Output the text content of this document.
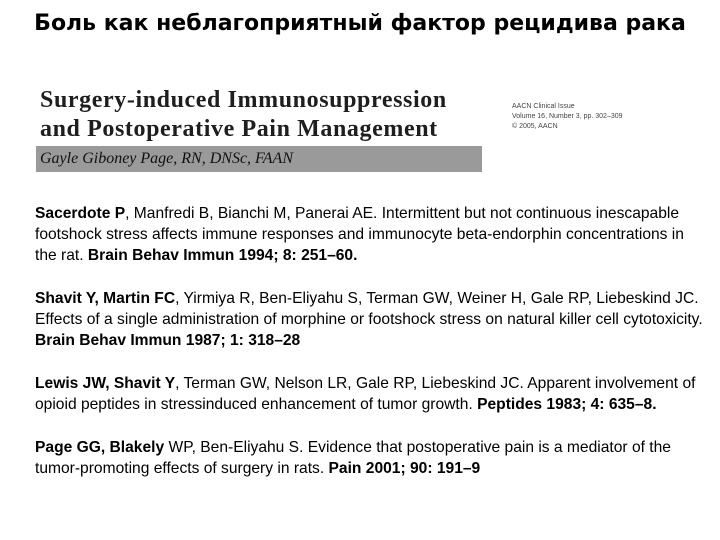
Боль как неблагоприятный фактор рецидива рака
Surgery-induced Immunosuppression
and Postoperative Pain Management
Gayle Giboney Page, RN, DNSc, FAAN
AACN Clinical Issue
Volume 16, Number 3, pp. 302–309
© 2005, AACN

Sacerdote P, Manfredi B, Bianchi M, Panerai AE. Intermittent but not continuous inescapable footshock stress affects immune responses and immunocyte beta-endorphin concentrations in the rat. Brain Behav Immun 1994; 8: 251–60.

Shavit Y, Martin FC, Yirmiya R, Ben-Eliyahu S, Terman GW, Weiner H, Gale RP, Liebeskind JC. Effects of a single administration of morphine or footshock stress on natural killer cell cytotoxicity. Brain Behav Immun 1987; 1: 318–28

Lewis JW, Shavit Y, Terman GW, Nelson LR, Gale RP, Liebeskind JC. Apparent involvement of opioid peptides in stressinduced enhancement of tumor growth. Peptides 1983; 4: 635–8.

Page GG, Blakely WP, Ben-Eliyahu S. Evidence that postoperative pain is a mediator of the tumor-promoting effects of surgery in rats. Pain 2001; 90: 191–9
